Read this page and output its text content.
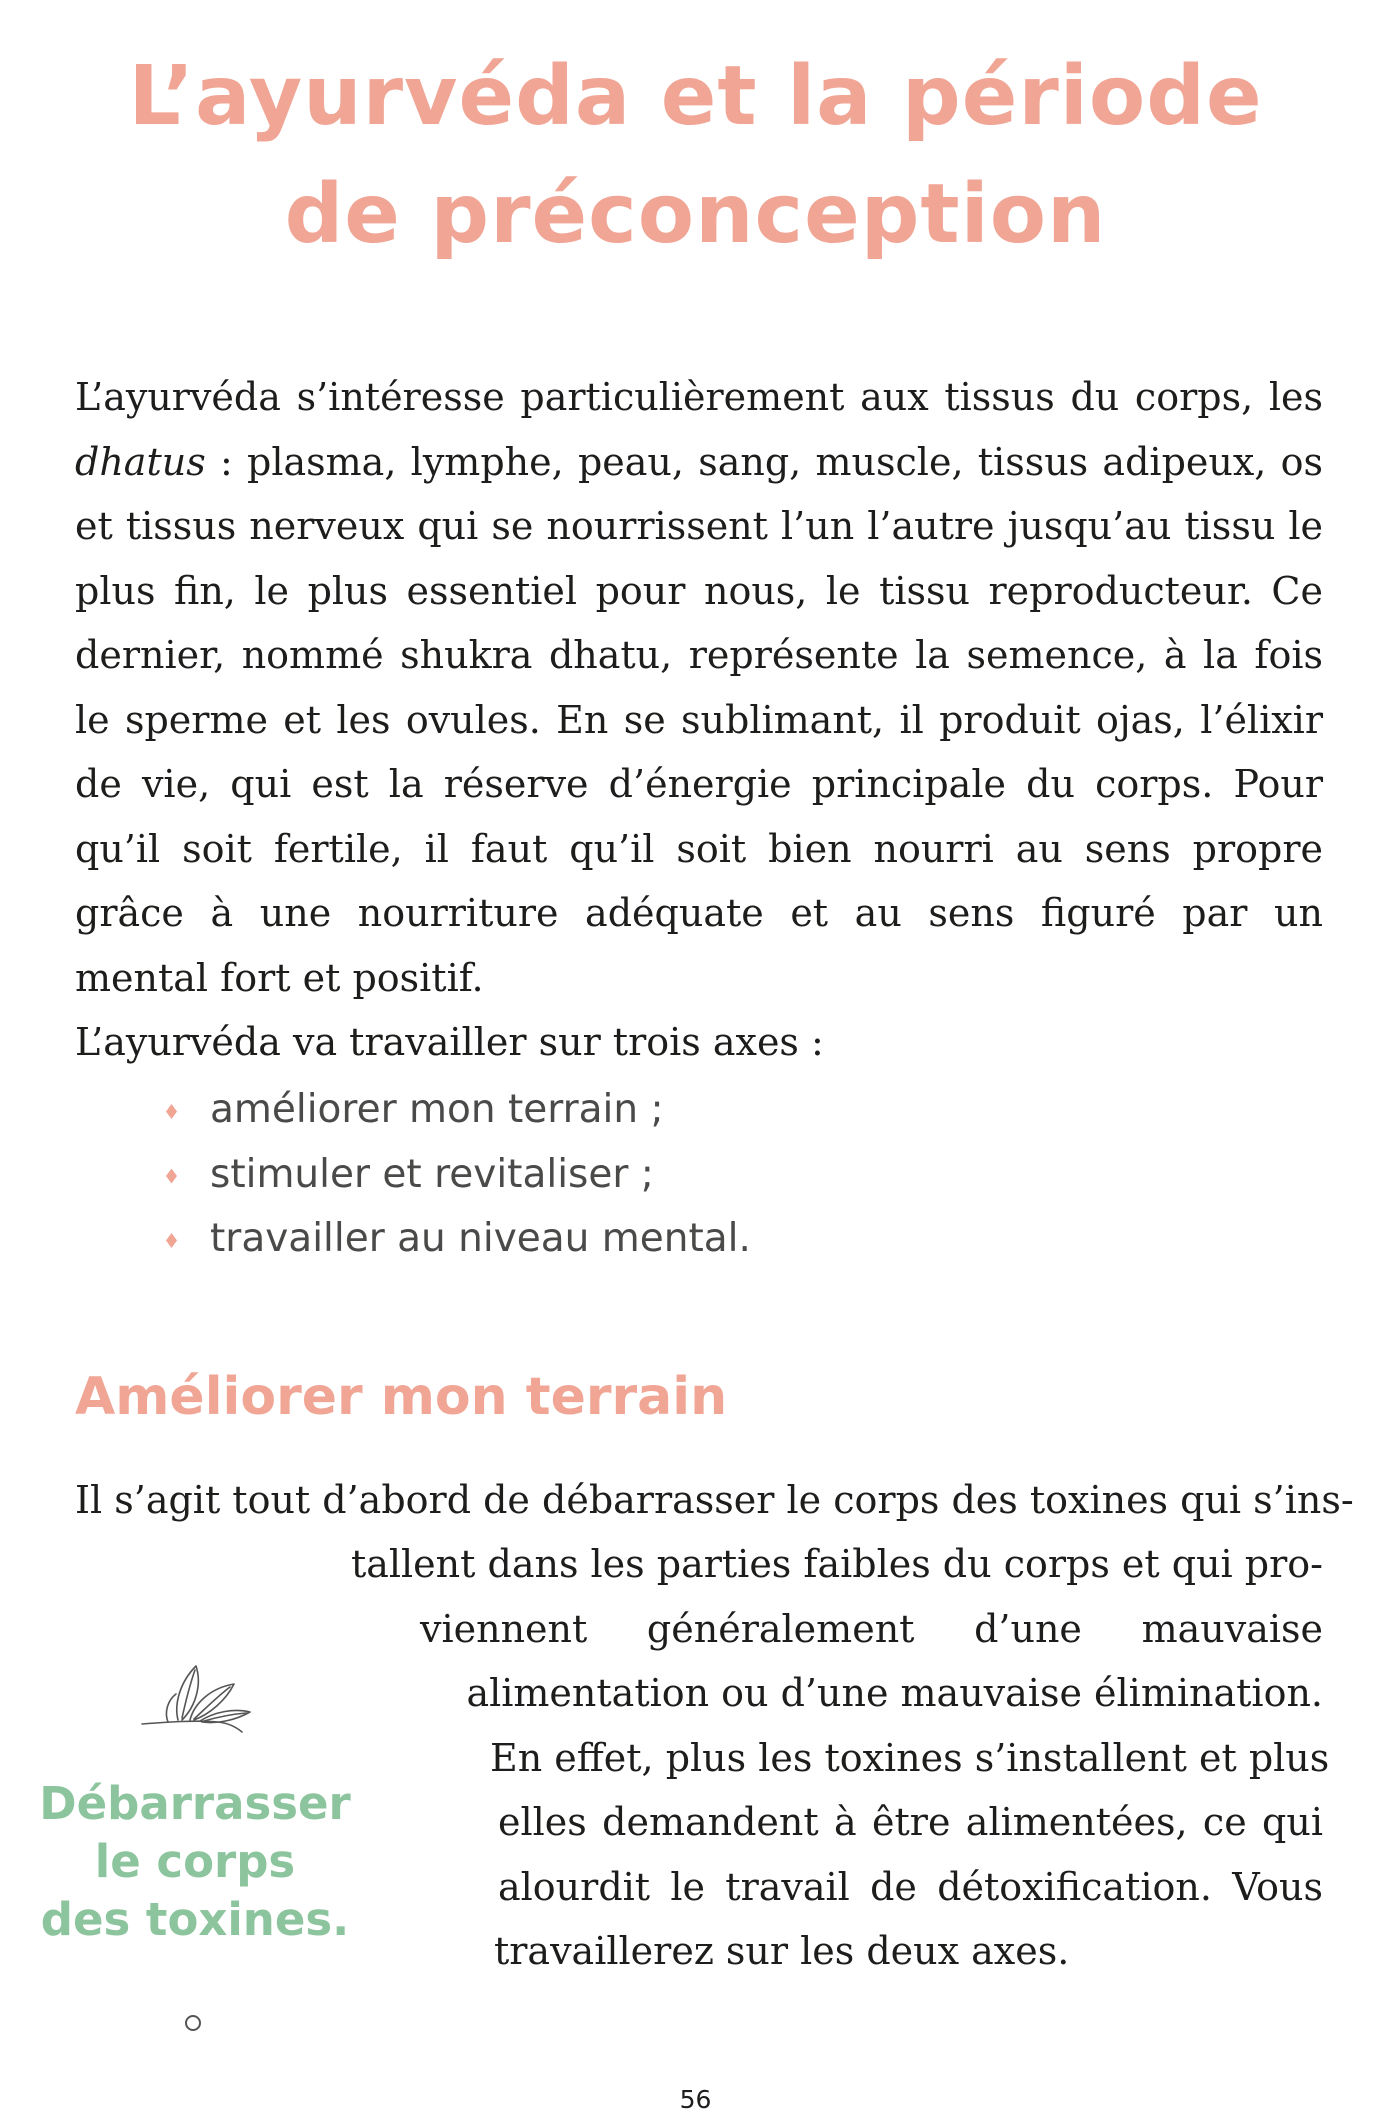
L’ayurvéda et la période
de préconception

L’ayurvéda s’intéresse particulièrement aux tissus du corps, les dhatus : plasma, lymphe, peau, sang, muscle, tissus adipeux, os et tissus nerveux qui se nourrissent l’un l’autre jusqu’au tissu le plus fin, le plus essentiel pour nous, le tissu reproducteur. Ce dernier, nommé shukra dhatu, représente la semence, à la fois le sperme et les ovules. En se sublimant, il produit ojas, l’élixir de vie, qui est la réserve d’énergie principale du corps. Pour qu’il soit fertile, il faut qu’il soit bien nourri au sens propre grâce à une nourriture adéquate et au sens figuré par un mental fort et positif.

L’ayurvéda va travailler sur trois axes :

améliorer mon terrain ;
stimuler et revitaliser ;
travailler au niveau mental.
Améliorer mon terrain

Il s’agit tout d’abord de débarrasser le corps des toxines qui s’ins-

tallent dans les parties faibles du corps et qui pro-

viennent généralement d’une mauvaise

alimentation ou d’une mauvaise élimination.

En effet, plus les toxines s’installent et plus

elles demandent à être alimentées, ce qui

alourdit le travail de détoxification. Vous

travaillerez sur les deux axes.

Débarrasser
le corps
des toxines.

56
